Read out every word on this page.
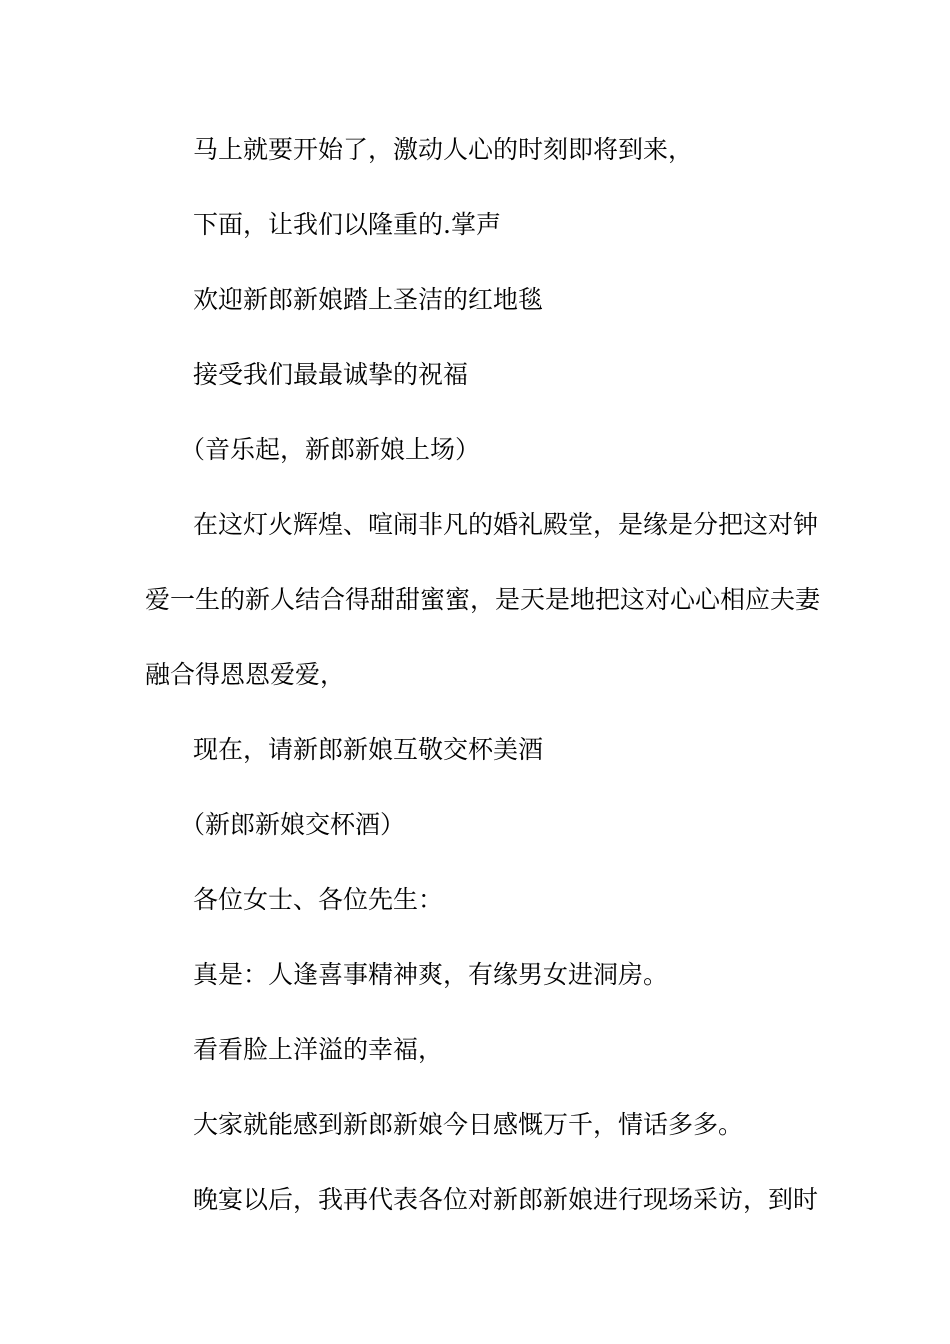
马上就要开始了，激动人心的时刻即将到来，
下面，让我们以隆重的.掌声
欢迎新郎新娘踏上圣洁的红地毯
接受我们最最诚挚的祝福
（音乐起，新郎新娘上场）
在这灯火辉煌、喧闹非凡的婚礼殿堂，是缘是分把这对钟
爱一生的新人结合得甜甜蜜蜜，是天是地把这对心心相应夫妻
融合得恩恩爱爱，
现在，请新郎新娘互敬交杯美酒
（新郎新娘交杯酒）
各位女士、各位先生：
真是：人逢喜事精神爽，有缘男女进洞房。
看看脸上洋溢的幸福，
大家就能感到新郎新娘今日感慨万千，情话多多。
晚宴以后，我再代表各位对新郎新娘进行现场采访，到时
